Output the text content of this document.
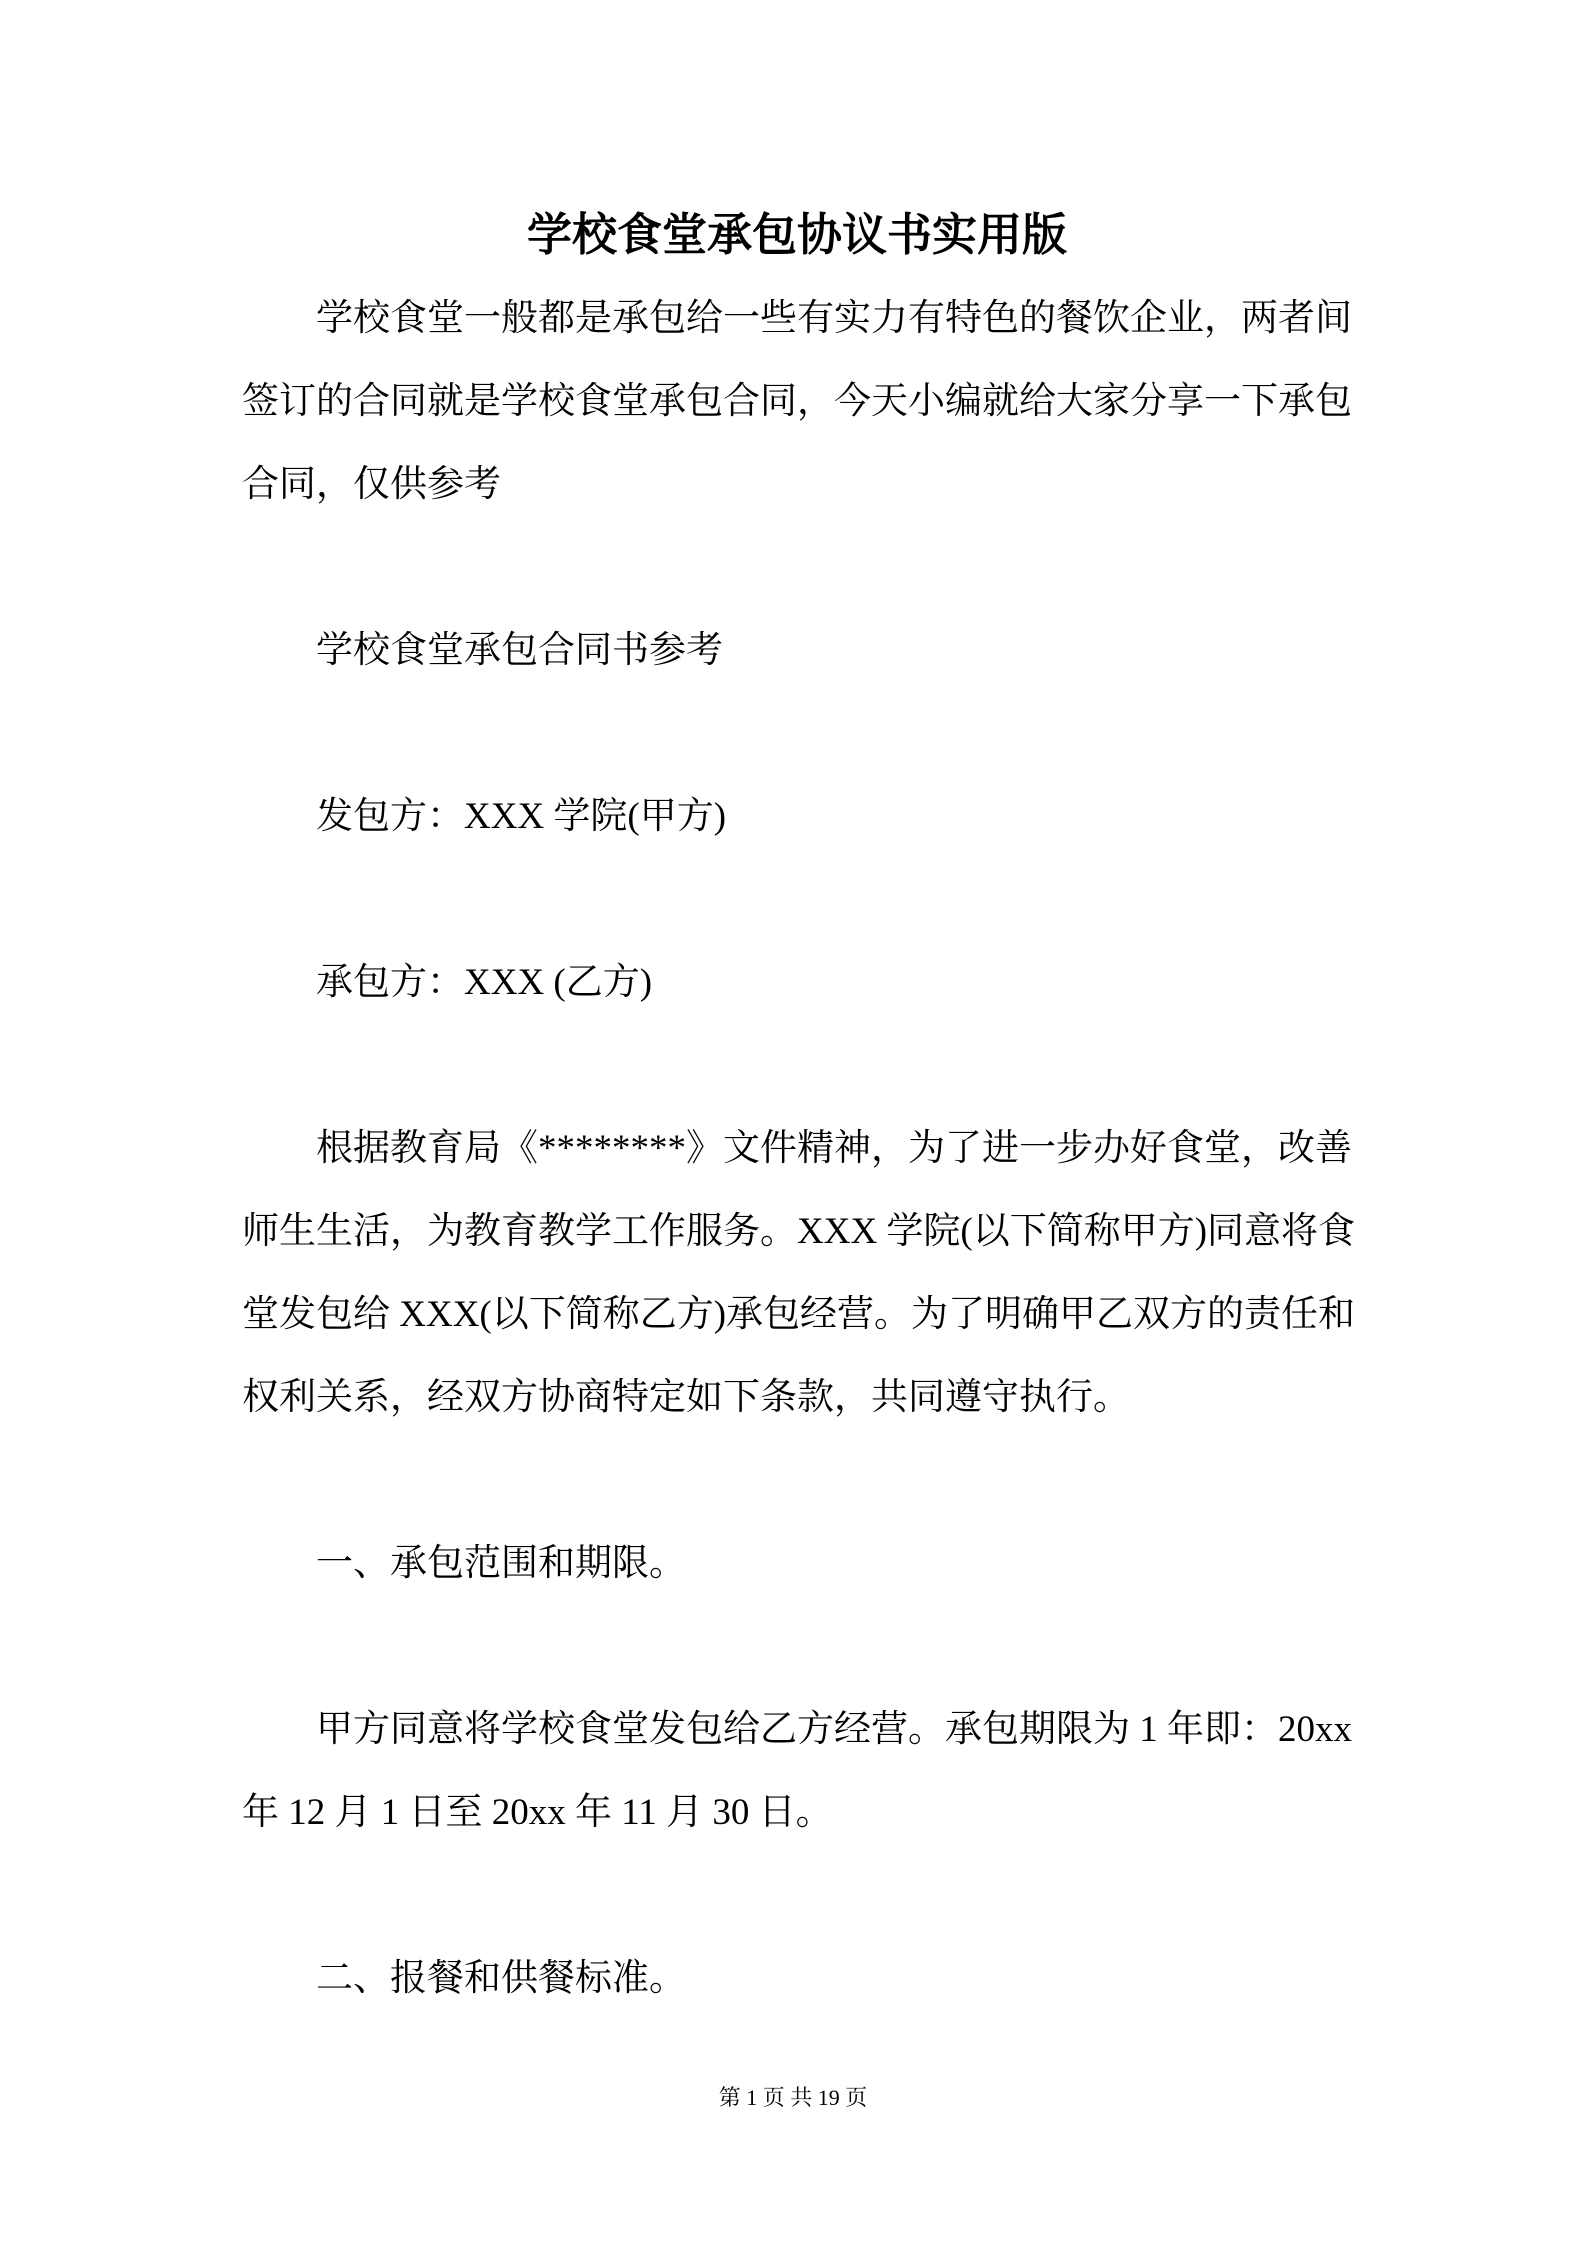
学校食堂承包协议书实用版
学校食堂一般都是承包给一些有实力有特色的餐饮企业，两者间
签订的合同就是学校食堂承包合同，今天小编就给大家分享一下承包
合同，仅供参考
学校食堂承包合同书参考
发包方：XXX 学院(甲方)
承包方：XXX (乙方)
根据教育局《********》文件精神，为了进一步办好食堂，改善
师生生活，为教育教学工作服务。XXX 学院(以下简称甲方)同意将食
堂发包给 XXX(以下简称乙方)承包经营。为了明确甲乙双方的责任和
权利关系，经双方协商特定如下条款，共同遵守执行。
一、承包范围和期限。
甲方同意将学校食堂发包给乙方经营。承包期限为 1 年即：20xx
年 12 月 1 日至 20xx 年 11 月 30 日。
二、报餐和供餐标准。
第 1 页 共 19 页
